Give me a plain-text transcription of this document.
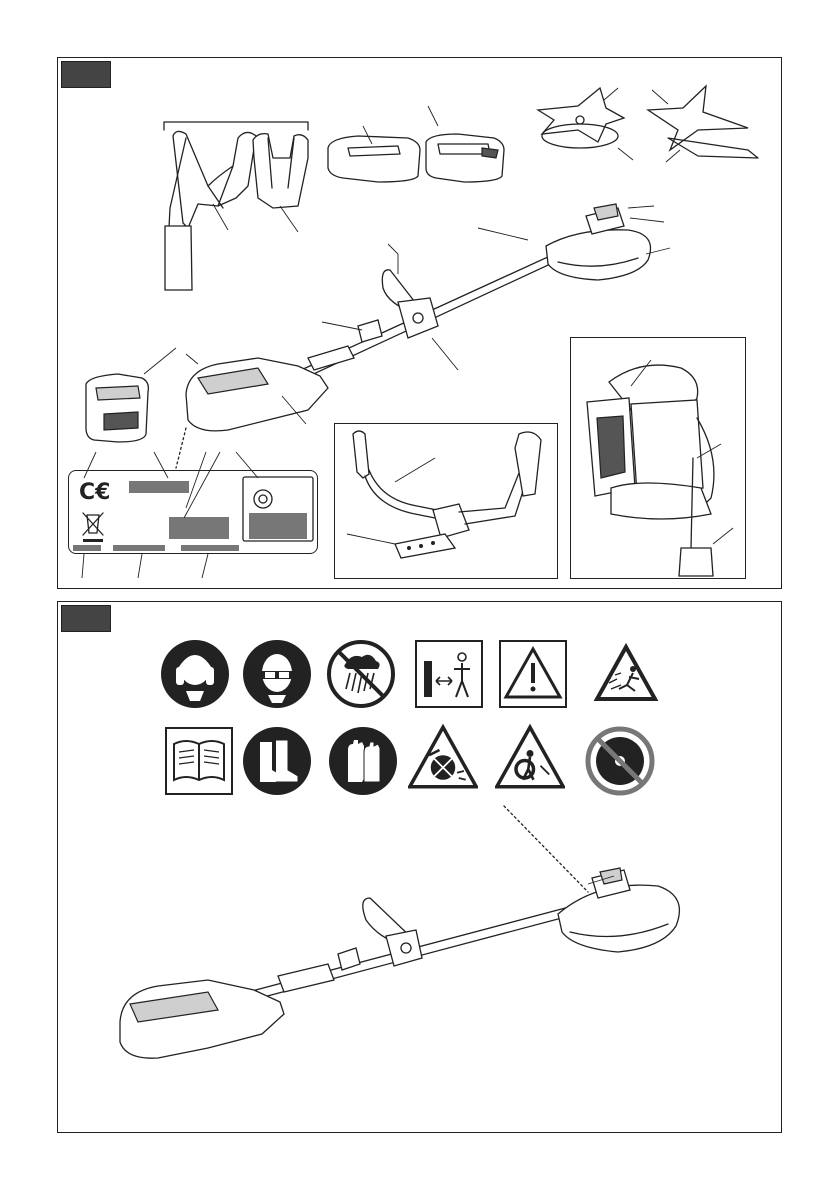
C€
